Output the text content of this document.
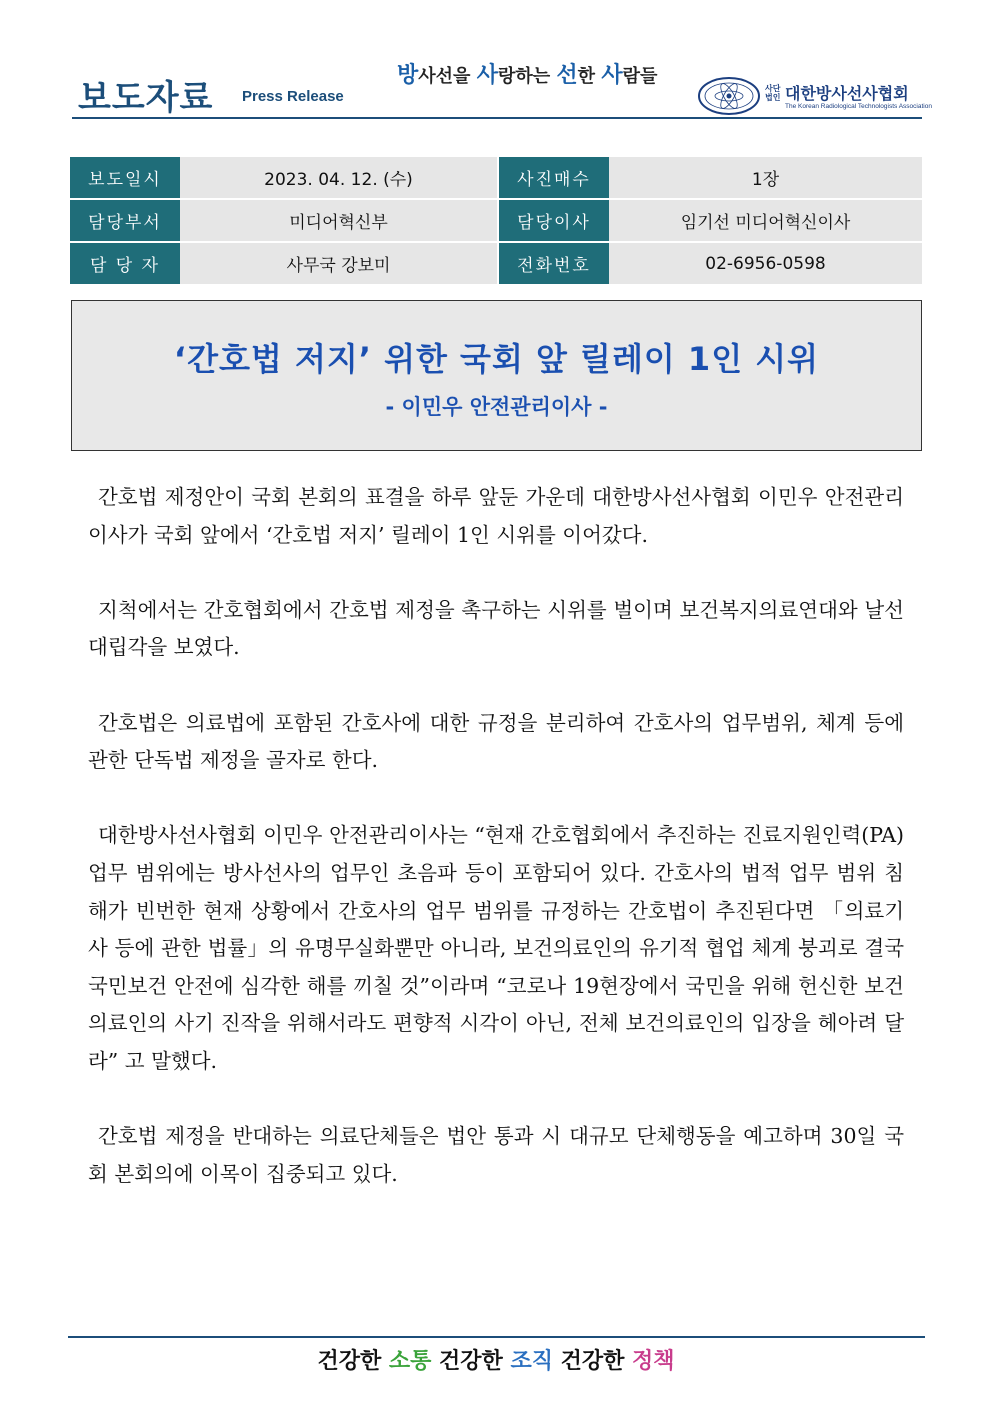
보도자료 Press Release
방사선을 사랑하는 선한 사람들
사단법인 대한방사선사협회
The Korean Radiological Technologists Association
보도일시	2023. 04. 12. (수)		사진매수	1장
담당부서	미디어혁신부		담당이사	임기선 미디어혁신이사
담 당 자	사무국 강보미		전화번호	02-6956-0598
‘간호법 저지’ 위한 국회 앞 릴레이 1인 시위
- 이민우 안전관리이사 -

간호법 제정안이 국회 본회의 표결을 하루 앞둔 가운데 대한방사선사협회 이민우 안전관리이사가 국회 앞에서 ‘간호법 저지’ 릴레이 1인 시위를 이어갔다.

지척에서는 간호협회에서 간호법 제정을 촉구하는 시위를 벌이며 보건복지의료연대와 날선 대립각을 보였다.

간호법은 의료법에 포함된 간호사에 대한 규정을 분리하여 간호사의 업무범위, 체계 등에 관한 단독법 제정을 골자로 한다.

대한방사선사협회 이민우 안전관리이사는 “현재 간호협회에서 추진하는 진료지원인력(PA) 업무 범위에는 방사선사의 업무인 초음파 등이 포함되어 있다. 간호사의 법적 업무 범위 침해가 빈번한 현재 상황에서 간호사의 업무 범위를 규정하는 간호법이 추진된다면 「의료기사 등에 관한 법률」의 유명무실화뿐만 아니라, 보건의료인의 유기적 협업 체계 붕괴로 결국 국민보건 안전에 심각한 해를 끼칠 것”이라며 “코로나 19현장에서 국민을 위해 헌신한 보건의료인의 사기 진작을 위해서라도 편향적 시각이 아닌, 전체 보건의료인의 입장을 헤아려 달라” 고 말했다.

간호법 제정을 반대하는 의료단체들은 법안 통과 시 대규모 단체행동을 예고하며 30일 국회 본회의에 이목이 집중되고 있다.

건강한 소통 건강한 조직 건강한 정책
